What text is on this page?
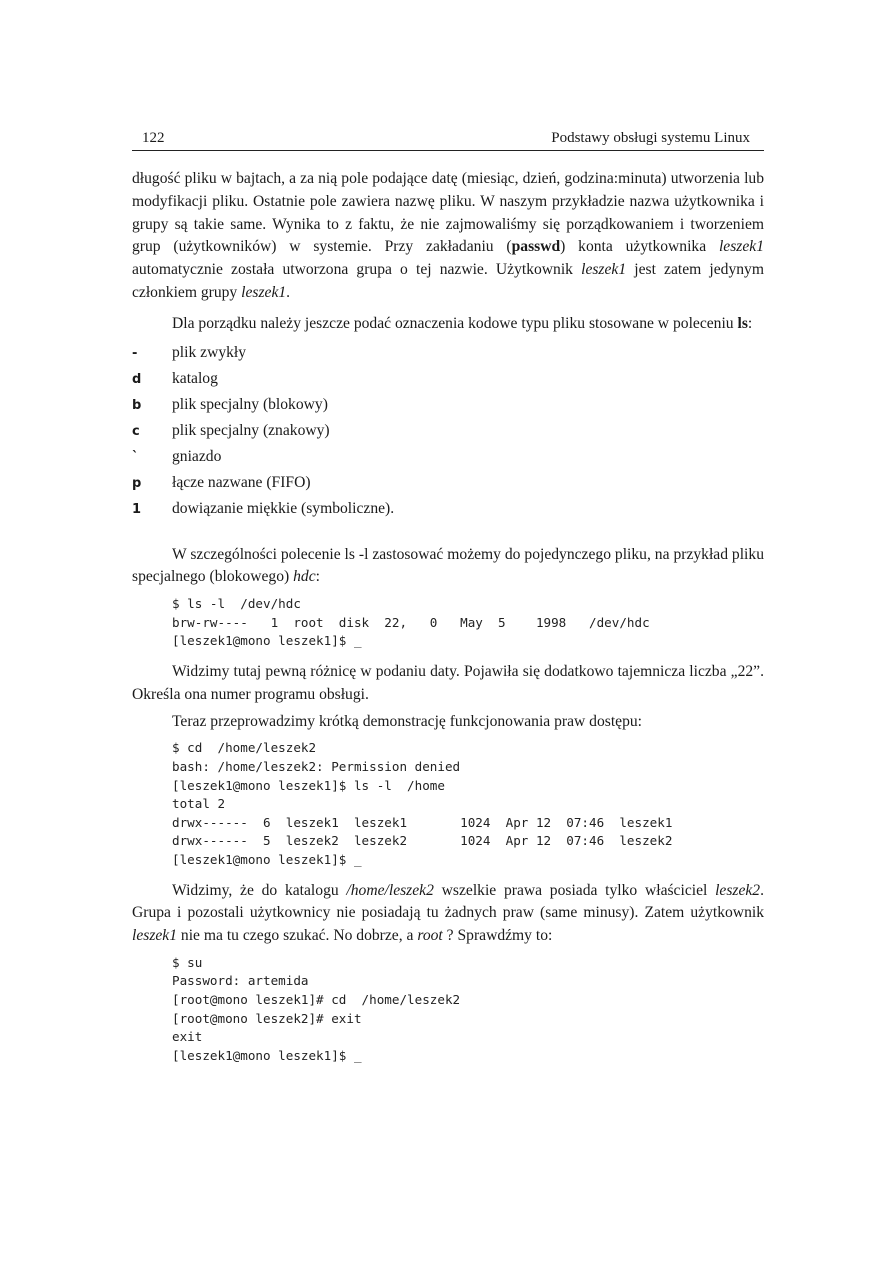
122	Podstawy obsługi systemu Linux

długość pliku w bajtach, a za nią pole podające datę (miesiąc, dzień, godzina:minuta) utworzenia lub modyfikacji pliku. Ostatnie pole zawiera nazwę pliku. W naszym przykładzie nazwa użytkownika i grupy są takie same. Wynika to z faktu, że nie zajmowaliśmy się porządkowaniem i tworzeniem grup (użytkowników) w systemie. Przy zakładaniu (passwd) konta użytkownika leszek1 automatycznie została utworzona grupa o tej nazwie. Użytkownik leszek1 jest zatem jedynym członkiem grupy leszek1.

Dla porządku należy jeszcze podać oznaczenia kodowe typu pliku stosowane w poleceniu ls:

-	plik zwykły
d	katalog
b	plik specjalny (blokowy)
c	plik specjalny (znakowy)
`	gniazdo
p	łącze nazwane (FIFO)
1	dowiązanie miękkie (symboliczne).

W szczególności polecenie ls -l zastosować możemy do pojedynczego pliku, na przykład pliku specjalnego (blokowego) hdc:

$ ls -l  /dev/hdc
brw-rw----   1  root  disk  22,   0   May  5    1998   /dev/hdc
[leszek1@mono leszek1]$ _

Widzimy tutaj pewną różnicę w podaniu daty. Pojawiła się dodatkowo tajemnicza liczba „22”. Określa ona numer programu obsługi.

Teraz przeprowadzimy krótką demonstrację funkcjonowania praw dostępu:

$ cd  /home/leszek2
bash: /home/leszek2: Permission denied
[leszek1@mono leszek1]$ ls -l  /home
total 2
drwx------  6  leszek1  leszek1       1024  Apr 12  07:46  leszek1
drwx------  5  leszek2  leszek2       1024  Apr 12  07:46  leszek2
[leszek1@mono leszek1]$ _

Widzimy, że do katalogu /home/leszek2 wszelkie prawa posiada tylko właściciel leszek2. Grupa i pozostali użytkownicy nie posiadają tu żadnych praw (same minusy). Zatem użytkownik leszek1 nie ma tu czego szukać. No dobrze, a root ? Sprawdźmy to:

$ su
Password: artemida
[root@mono leszek1]# cd  /home/leszek2
[root@mono leszek2]# exit
exit
[leszek1@mono leszek1]$ _
